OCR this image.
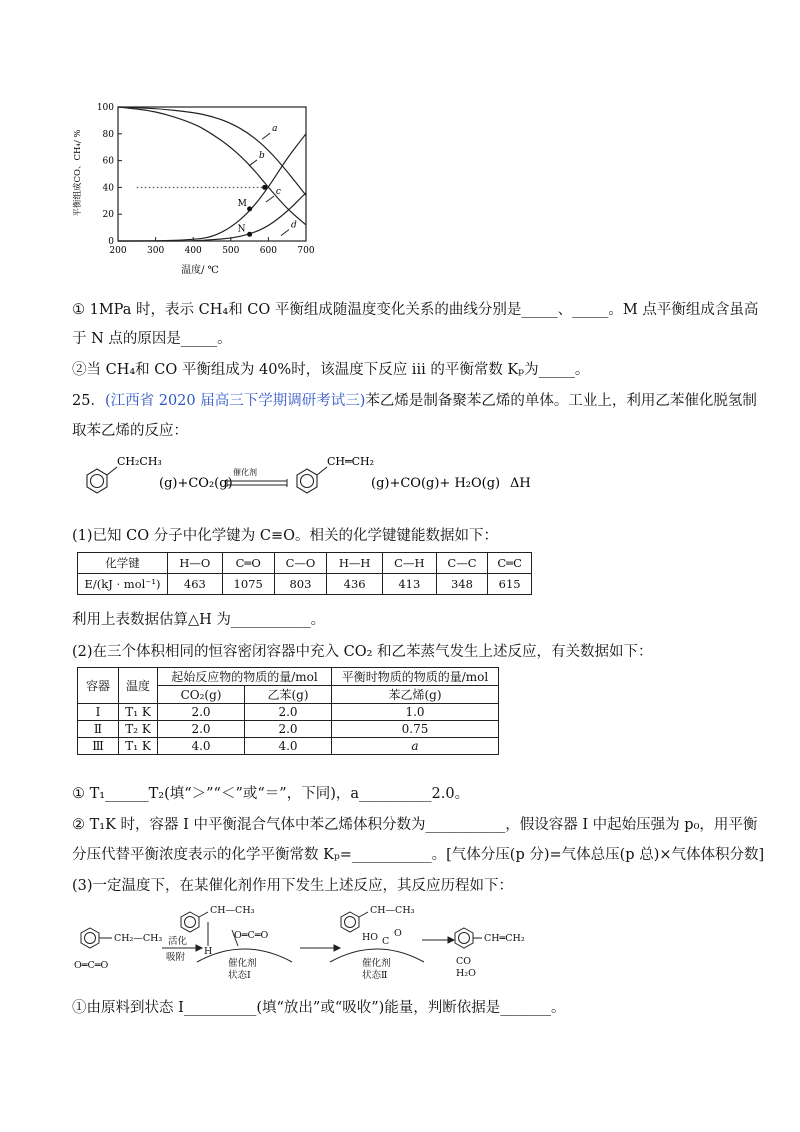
200 300 400 500 600 700
0
20
40
60
80
100
a
b
c
d
M
N
温度/ ℃
平衡组成CO、CH₄/ %
① 1MPa 时，表示 CH₄和 CO 平衡组成随温度变化关系的曲线分别是_____、_____。M 点平衡组成含虽高
于 N 点的原因是_____。
②当 CH₄和 CO 平衡组成为 40%时，该温度下反应 iii 的平衡常数 Kₚ为_____。
25．(江西省 2020 届高三下学期调研考试三)苯乙烯是制备聚苯乙烯的单体。工业上，利用乙苯催化脱氢制
取苯乙烯的反应：
CH₂CH₃
(g)+CO₂(g)
催化剂
CH═CH₂
(g)+CO(g)+ H₂O(g) ΔH
(1)已知 CO 分子中化学键为 C≡O。相关的化学键键能数据如下：
化学键	H—O	C═O	C—O	H—H	C—H	C—C	C═C
E/(kJ · mol⁻¹)	463	1075	803	436	413	348	615
利用上表数据估算△H 为___________。
(2)在三个体积相同的恒容密闭容器中充入 CO₂ 和乙苯蒸气发生上述反应，有关数据如下：
容器	温度	起始反应物的物质的量/mol		平衡时物质的物质的量/mol
		CO₂(g)	乙苯(g)	苯乙烯(g)
Ⅰ	T₁ K	2.0	2.0	1.0
Ⅱ	T₂ K	2.0	2.0	0.75
Ⅲ	T₁ K	4.0	4.0	a
① T₁______T₂(填“＞”“＜”或“＝”，下同)，a__________2.0。
② T₁K 时，容器 I 中平衡混合气体中苯乙烯体积分数为___________，假设容器 I 中起始压强为 p₀，用平衡
分压代替平衡浓度表示的化学平衡常数 Kₚ=___________。[气体分压(p 分)=气体总压(p 总)×气体体积分数]
(3)一定温度下，在某催化剂作用下发生上述反应，其反应历程如下：
CH₂—CH₃
O═C═O
活化
吸附
CH—CH₃
H
O═C═O
催化剂
状态Ⅰ
CH—CH₃
HO C
O
催化剂
状态Ⅱ
CH═CH₂
CO
H₂O
①由原料到状态 I__________(填“放出”或“吸收”)能量，判断依据是_______。
